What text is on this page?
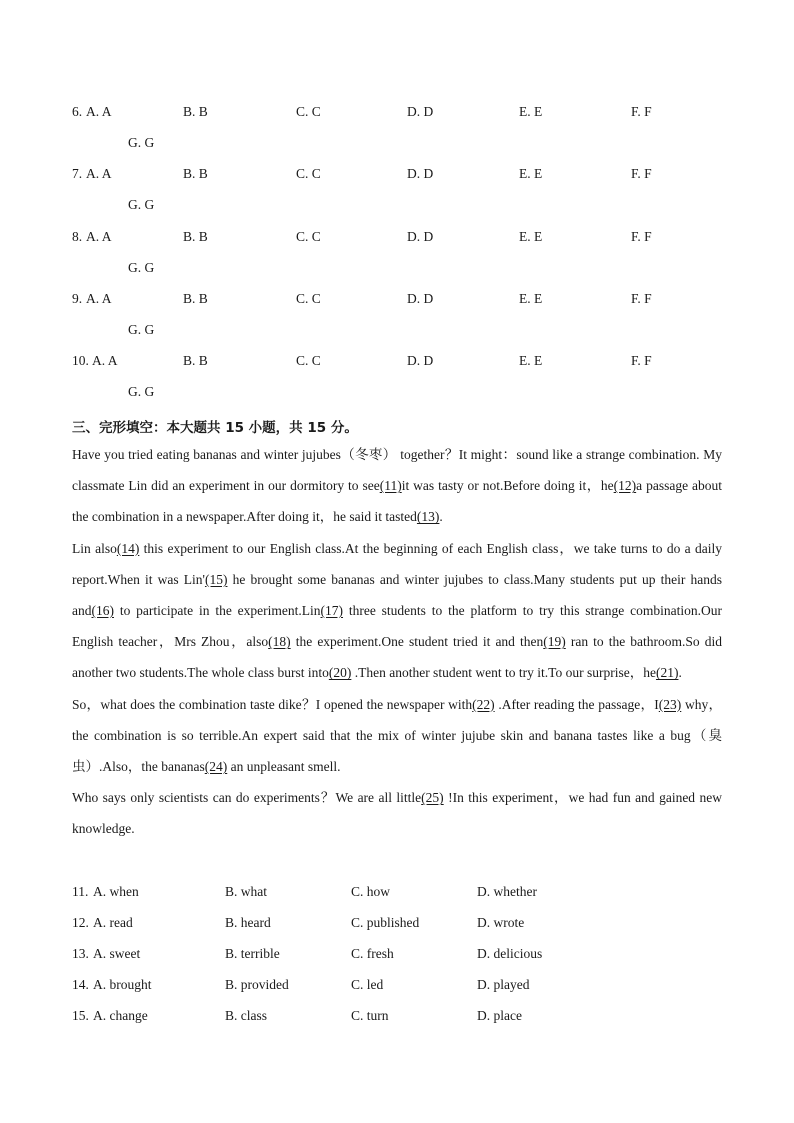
6. A. A	B. B	C. C	D. D	E. E	F. F
G. G
7. A. A	B. B	C. C	D. D	E. E	F. F
G. G
8. A. A	B. B	C. C	D. D	E. E	F. F
G. G
9. A. A	B. B	C. C	D. D	E. E	F. F
G. G
10. A. A	B. B	C. C	D. D	E. E	F. F
G. G
三、完形填空：本大题共 15 小题，共 15 分。

Have you tried eating bananas and winter jujubes（冬枣） together？It might：sound like a strange combination. My classmate Lin did an experiment in our dormitory to see(11)it was tasty or not.Before doing it，he(12)a passage about the combination in a newspaper.After doing it，he said it tasted(13).

Lin also(14) this experiment to our English class.At the beginning of each English class，we take turns to do a daily report.When it was Lin'(15) he brought some bananas and winter jujubes to class.Many students put up their hands and(16) to participate in the experiment.Lin(17) three students to the platform to try this strange combination.Our English teacher，Mrs Zhou，also(18) the experiment.One student tried it and then(19) ran to the bathroom.So did another two students.The whole class burst into(20) .Then another student went to try it.To our surprise，he(21).

So，what does the combination taste dike？I opened the newspaper with(22) .After reading the passage，I(23) why，the combination is so terrible.An expert said that the mix of winter jujube skin and banana tastes like a bug（臭虫）.Also，the bananas(24) an unpleasant smell.

Who says only scientists can do experiments？We are all little(25) !In this experiment，we had fun and gained new knowledge.

11. A. when	B. what	C. how	D. whether
12. A. read	B. heard	C. published	D. wrote
13. A. sweet	B. terrible	C. fresh	D. delicious
14. A. brought	B. provided	C. led	D. played
15. A. change	B. class	C. turn	D. place
